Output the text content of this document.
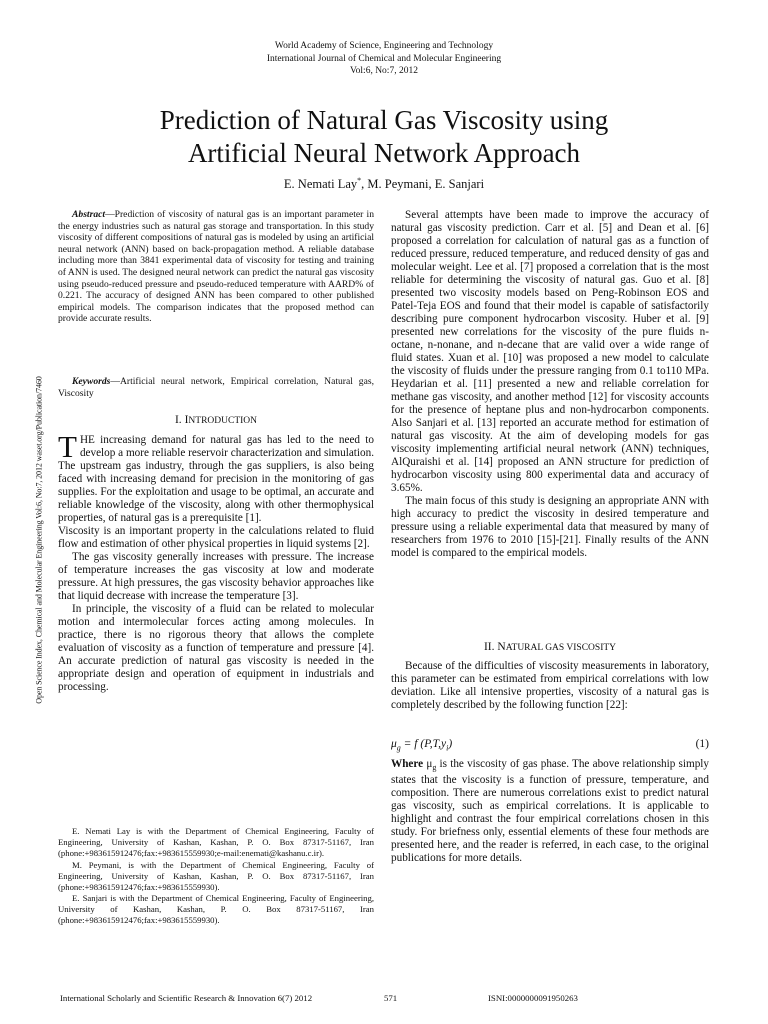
World Academy of Science, Engineering and Technology
International Journal of Chemical and Molecular Engineering
Vol:6, No:7, 2012
Prediction of Natural Gas Viscosity using
Artificial Neural Network Approach
E. Nemati Lay*, M. Peymani, E. Sanjari
Open Science Index, Chemical and Molecular Engineering Vol:6, No:7, 2012 waset.org/Publication/7460
Abstract—Prediction of viscosity of natural gas is an important parameter in the energy industries such as natural gas storage and transportation. In this study viscosity of different compositions of natural gas is modeled by using an artificial neural network (ANN) based on back-propagation method. A reliable database including more than 3841 experimental data of viscosity for testing and training of ANN is used. The designed neural network can predict the natural gas viscosity using pseudo-reduced pressure and pseudo-reduced temperature with AARD% of 0.221. The accuracy of designed ANN has been compared to other published empirical models. The comparison indicates that the proposed method can provide accurate results.
Keywords—Artificial neural network, Empirical correlation, Natural gas, Viscosity
I. INTRODUCTION

THE increasing demand for natural gas has led to the need to develop a more reliable reservoir characterization and simulation. The upstream gas industry, through the gas suppliers, is also being faced with increasing demand for precision in the monitoring of gas supplies. For the exploitation and usage to be optimal, an accurate and reliable knowledge of the viscosity, along with other thermophysical properties, of natural gas is a prerequisite [1].

Viscosity is an important property in the calculations related to fluid flow and estimation of other physical properties in liquid systems [2].

The gas viscosity generally increases with pressure. The increase of temperature increases the gas viscosity at low and moderate pressure. At high pressures, the gas viscosity behavior approaches like that liquid decrease with increase the temperature [3].

In principle, the viscosity of a fluid can be related to molecular motion and intermolecular forces acting among molecules. In practice, there is no rigorous theory that allows the complete evaluation of viscosity as a function of temperature and pressure [4]. An accurate prediction of natural gas viscosity is needed in the appropriate design and operation of equipment in industrials and processing.

E. Nemati Lay is with the Department of Chemical Engineering, Faculty of Engineering, University of Kashan, Kashan, P. O. Box 87317-51167, Iran (phone:+983615912476;fax:+983615559930;e-mail:enemati@kashanu.c.ir).

M. Peymani, is with the Department of Chemical Engineering, Faculty of Engineering, University of Kashan, Kashan, P. O. Box 87317-51167, Iran (phone:+983615912476;fax:+983615559930).

E. Sanjari is with the Department of Chemical Engineering, Faculty of Engineering, University of Kashan, Kashan, P. O. Box 87317-51167, Iran (phone:+983615912476;fax:+983615559930).

Several attempts have been made to improve the accuracy of natural gas viscosity prediction. Carr et al. [5] and Dean et al. [6] proposed a correlation for calculation of natural gas as a function of reduced pressure, reduced temperature, and reduced density of gas and molecular weight. Lee et al. [7] proposed a correlation that is the most reliable for determining the viscosity of natural gas. Guo et al. [8] presented two viscosity models based on Peng-Robinson EOS and Patel-Teja EOS and found that their model is capable of satisfactorily describing pure component hydrocarbon viscosity. Huber et al. [9] presented new correlations for the viscosity of the pure fluids n-octane, n-nonane, and n-decane that are valid over a wide range of fluid states. Xuan et al. [10] was proposed a new model to calculate the viscosity of fluids under the pressure ranging from 0.1 to110 MPa. Heydarian et al. [11] presented a new and reliable correlation for methane gas viscosity, and another method [12] for viscosity accounts for the presence of heptane plus and non-hydrocarbon components. Also Sanjari et al. [13] reported an accurate method for estimation of natural gas viscosity. At the aim of developing models for gas viscosity implementing artificial neural network (ANN) techniques, AlQuraishi et al. [14] proposed an ANN structure for prediction of hydrocarbon viscosity using 800 experimental data and accuracy of 3.65%.

The main focus of this study is designing an appropriate ANN with high accuracy to predict the viscosity in desired temperature and pressure using a reliable experimental data that measured by many of researchers from 1976 to 2010 [15]-[21]. Finally results of the ANN model is compared to the empirical models.

II. NATURAL GAS VISCOSITY

Because of the difficulties of viscosity measurements in laboratory, this parameter can be estimated from empirical correlations with low deviation. Like all intensive properties, viscosity of a natural gas is completely described by the following function [22]:

$\mu_g = f$ $(P,T,y_i)$	(1)

Where $\mu_g$ is the viscosity of gas phase. The above relationship simply states that the viscosity is a function of pressure, temperature, and composition. There are numerous correlations exist to predict natural gas viscosity, such as empirical correlations. It is applicable to highlight and contrast the four empirical correlations chosen in this study. For briefness only, essential elements of these four methods are presented here, and the reader is referred, in each case, to the original publications for more details.

International Scholarly and Scientific Research & Innovation 6(7) 2012	571	ISNI:0000000091950263
